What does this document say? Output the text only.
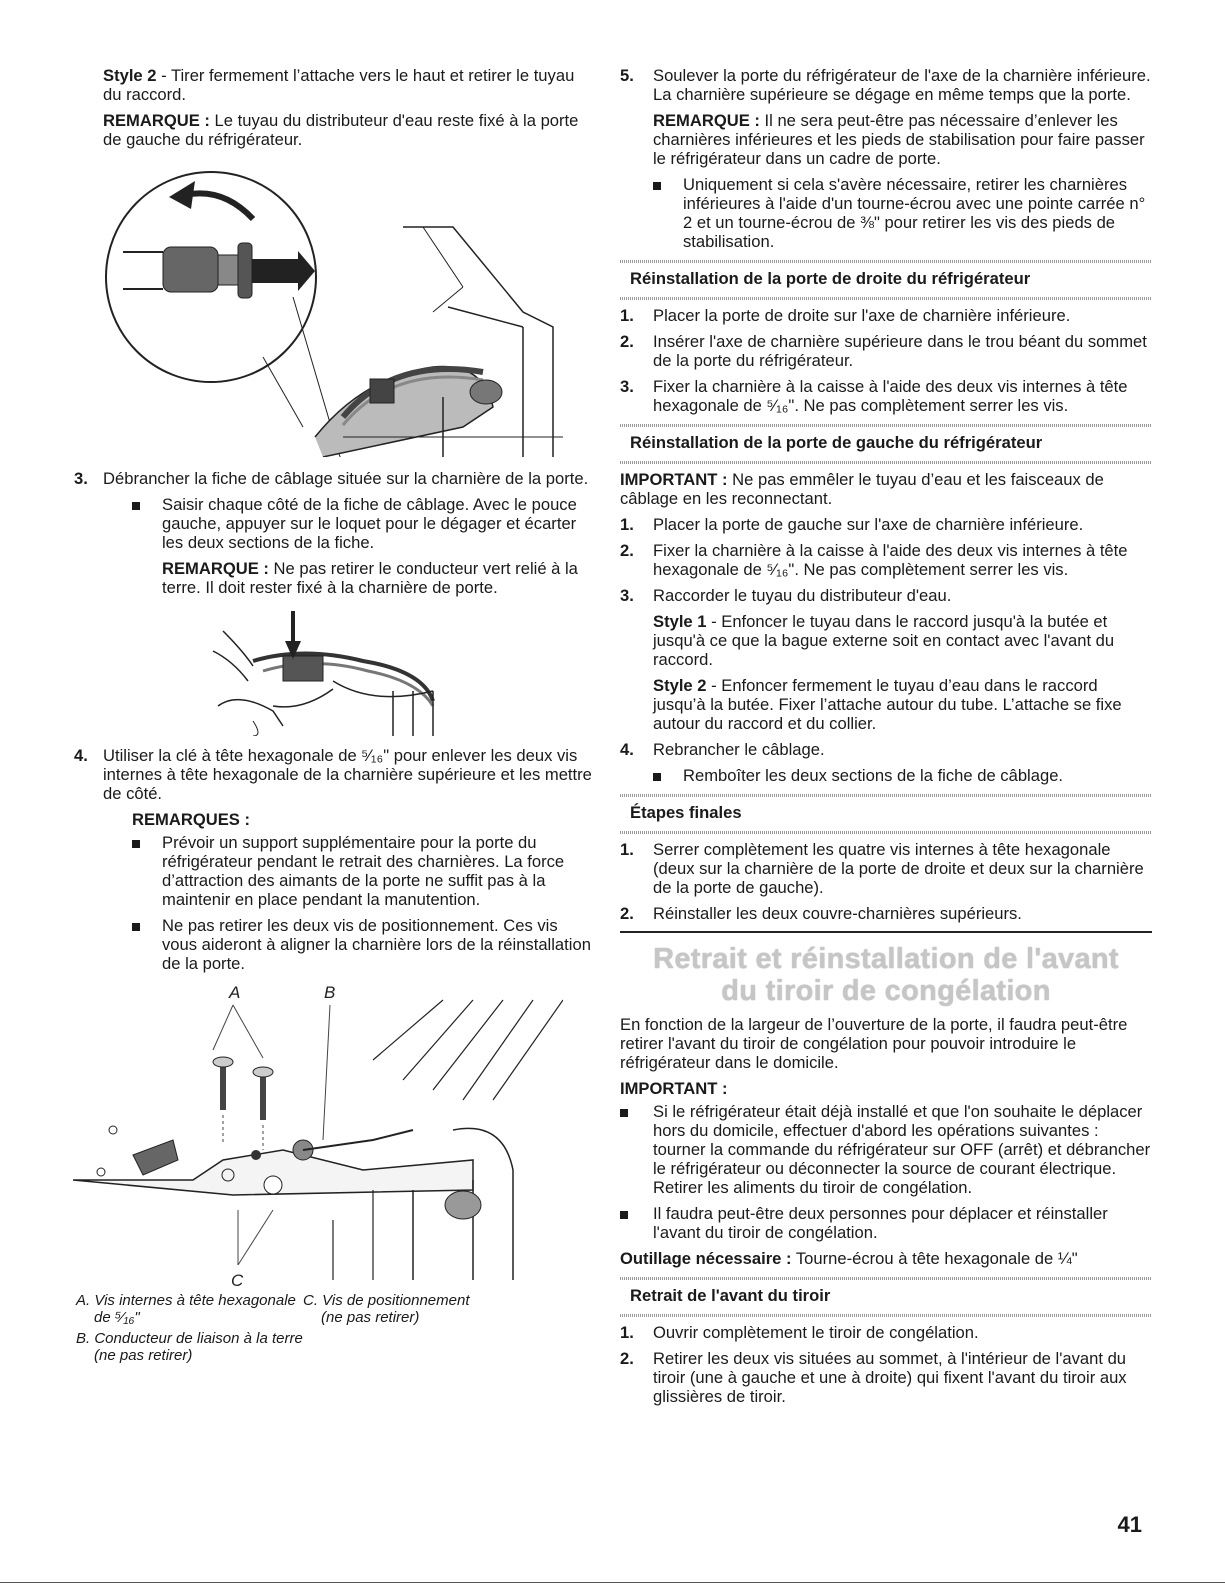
Style 2 - Tirer fermement l’attache vers le haut et retirer le tuyau du raccord.

REMARQUE : Le tuyau du distributeur d'eau reste fixé à la porte de gauche du réfrigérateur.

3. Débrancher la fiche de câblage située sur la charnière de la porte.
Saisir chaque côté de la fiche de câblage. Avec le pouce gauche, appuyer sur le loquet pour le dégager et écarter les deux sections de la fiche.

REMARQUE : Ne pas retirer le conducteur vert relié à la terre. Il doit rester fixé à la charnière de porte.

4. Utiliser la clé à tête hexagonale de ⁵⁄₁₆" pour enlever les deux vis internes à tête hexagonale de la charnière supérieure et les mettre de côté.

REMARQUES :

Prévoir un support supplémentaire pour la porte du réfrigérateur pendant le retrait des charnières. La force d’attraction des aimants de la porte ne suffit pas à la maintenir en place pendant la manutention.
Ne pas retirer les deux vis de positionnement. Ces vis vous aideront à aligner la charnière lors de la réinstallation de la porte.
A	B
C
A. Vis internes à tête hexagonale
de ⁵⁄₁₆"
B. Conducteur de liaison à la terre
(ne pas retirer)
C. Vis de positionnement
(ne pas retirer)
5.	Soulever la porte du réfrigérateur de l'axe de la charnière inférieure. La charnière supérieure se dégage en même temps que la porte.

REMARQUE : Il ne sera peut-être pas nécessaire d’enlever les charnières inférieures et les pieds de stabilisation pour faire passer le réfrigérateur dans un cadre de porte.

Uniquement si cela s'avère nécessaire, retirer les charnières inférieures à l'aide d'un tourne-écrou avec une pointe carrée n° 2 et un tourne-écrou de ⅜" pour retirer les vis des pieds de stabilisation.
Réinstallation de la porte de droite du réfrigérateur
1.	Placer la porte de droite sur l'axe de charnière inférieure.
2.	Insérer l'axe de charnière supérieure dans le trou béant du sommet de la porte du réfrigérateur.
3.	Fixer la charnière à la caisse à l'aide des deux vis internes à tête hexagonale de ⁵⁄₁₆". Ne pas complètement serrer les vis.
Réinstallation de la porte de gauche du réfrigérateur

IMPORTANT : Ne pas emmêler le tuyau d’eau et les faisceaux de câblage en les reconnectant.

1.	Placer la porte de gauche sur l'axe de charnière inférieure.
2.	Fixer la charnière à la caisse à l'aide des deux vis internes à tête hexagonale de ⁵⁄₁₆". Ne pas complètement serrer les vis.
3.	Raccorder le tuyau du distributeur d'eau.

Style 1 - Enfoncer le tuyau dans le raccord jusqu'à la butée et jusqu'à ce que la bague externe soit en contact avec l'avant du raccord.

Style 2 - Enfoncer fermement le tuyau d’eau dans le raccord jusqu’à la butée. Fixer l’attache autour du tube. L’attache se fixe autour du raccord et du collier.

4.	Rebrancher le câblage.
Remboîter les deux sections de la fiche de câblage.
Étapes finales
1.	Serrer complètement les quatre vis internes à tête hexagonale (deux sur la charnière de la porte de droite et deux sur la charnière de la porte de gauche).
2.	Réinstaller les deux couvre-charnières supérieurs.
Retrait et réinstallation de l'avant
du tiroir de congélation

En fonction de la largeur de l’ouverture de la porte, il faudra peut-être retirer l'avant du tiroir de congélation pour pouvoir introduire le réfrigérateur dans le domicile.

IMPORTANT :

Si le réfrigérateur était déjà installé et que l'on souhaite le déplacer hors du domicile, effectuer d'abord les opérations suivantes : tourner la commande du réfrigérateur sur OFF (arrêt) et débrancher le réfrigérateur ou déconnecter la source de courant électrique. Retirer les aliments du tiroir de congélation.
Il faudra peut-être deux personnes pour déplacer et réinstaller l'avant du tiroir de congélation.

Outillage nécessaire : Tourne-écrou à tête hexagonale de ¼"

Retrait de l'avant du tiroir
1.	Ouvrir complètement le tiroir de congélation.
2.	Retirer les deux vis situées au sommet, à l'intérieur de l'avant du tiroir (une à gauche et une à droite) qui fixent l'avant du tiroir aux glissières de tiroir.
41
